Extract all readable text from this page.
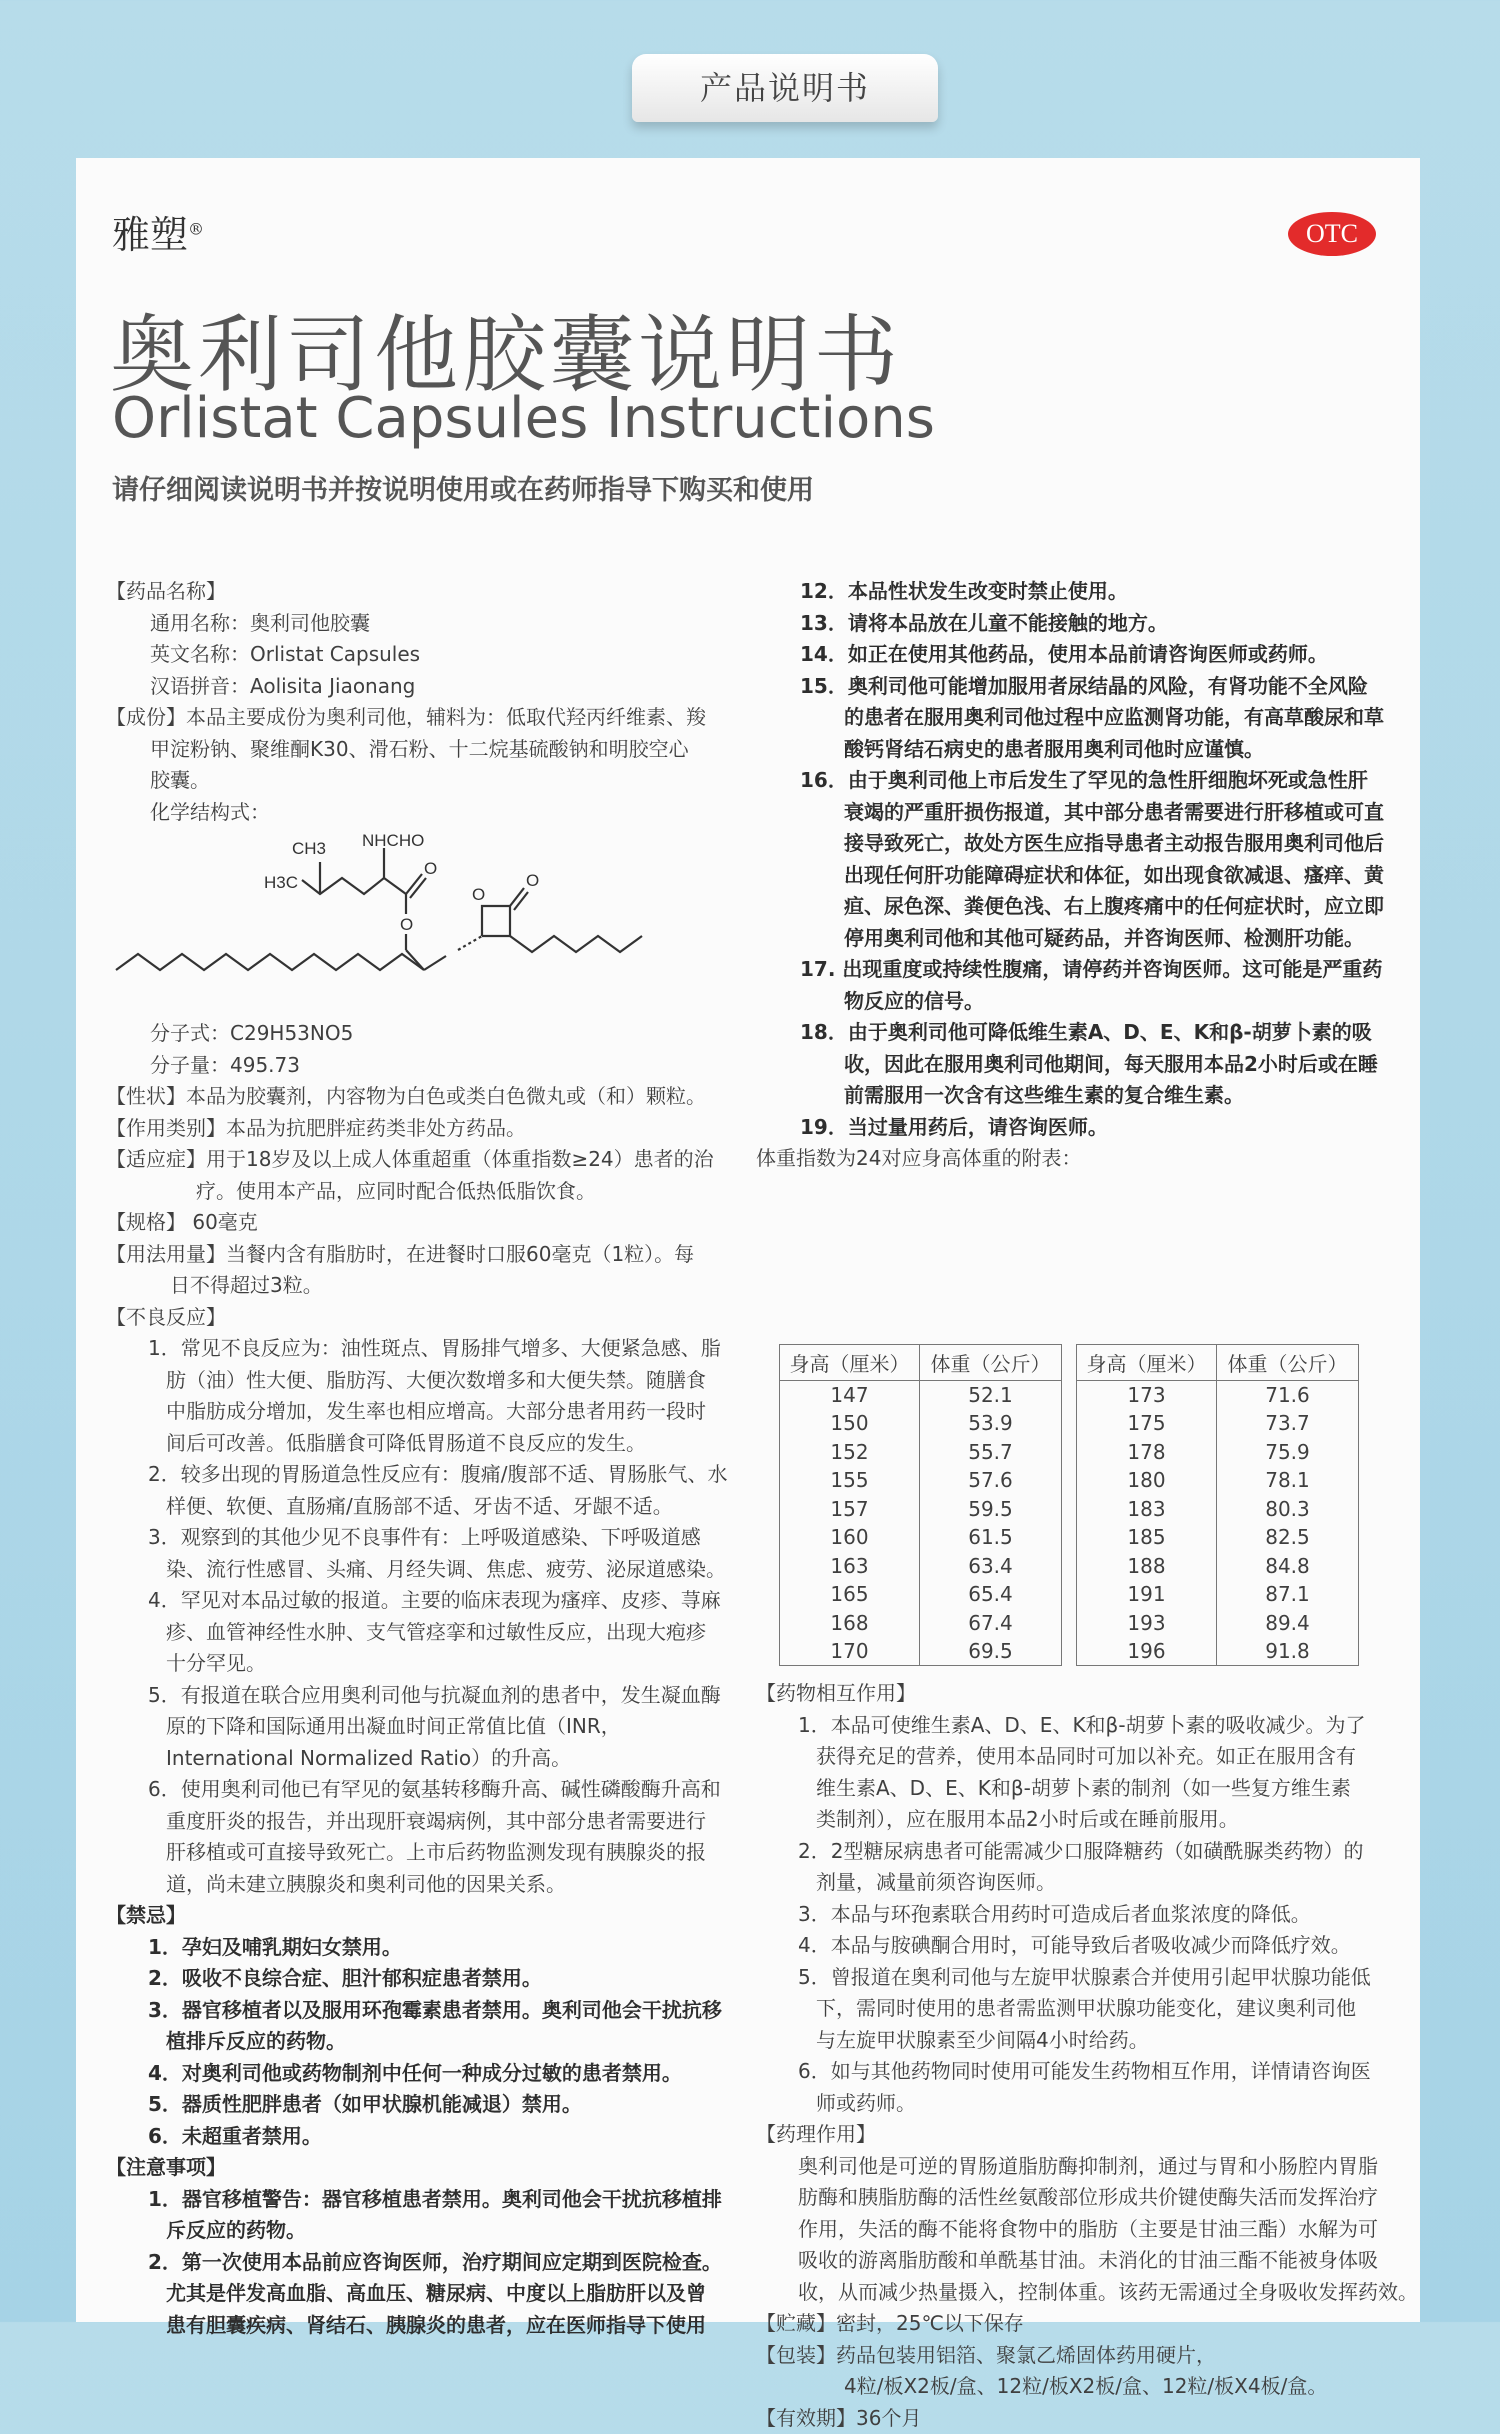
产品说明书
雅塑®	OTC
奥利司他胶囊说明书
Orlistat Capsules Instructions
请仔细阅读说明书并按说明使用或在药师指导下购买和使用
【药品名称】
通用名称：奥利司他胶囊
英文名称：Orlistat Capsules
汉语拼音：Aolisita Jiaonang
【成份】本品主要成份为奥利司他，辅料为：低取代羟丙纤维素、羧
甲淀粉钠、聚维酮K30、滑石粉、十二烷基硫酸钠和明胶空心
胶囊。
化学结构式：
CH3 NHCHO
H3C
O
O
O
O
分子式：C29H53NO5
分子量：495.73
【性状】本品为胶囊剂，内容物为白色或类白色微丸或（和）颗粒。
【作用类别】本品为抗肥胖症药类非处方药品。
【适应症】用于18岁及以上成人体重超重（体重指数≥24）患者的治
疗。使用本产品，应同时配合低热低脂饮食。
【规格】 60毫克
【用法用量】当餐内含有脂肪时，在进餐时口服60毫克（1粒）。每
日不得超过3粒。
【不良反应】
1．常见不良反应为：油性斑点、胃肠排气增多、大便紧急感、脂
肪（油）性大便、脂肪泻、大便次数增多和大便失禁。随膳食
中脂肪成分增加，发生率也相应增高。大部分患者用药一段时
间后可改善。低脂膳食可降低胃肠道不良反应的发生。
2．较多出现的胃肠道急性反应有：腹痛/腹部不适、胃肠胀气、水
样便、软便、直肠痛/直肠部不适、牙齿不适、牙龈不适。
3．观察到的其他少见不良事件有：上呼吸道感染、下呼吸道感
染、流行性感冒、头痛、月经失调、焦虑、疲劳、泌尿道感染。
4．罕见对本品过敏的报道。主要的临床表现为瘙痒、皮疹、荨麻
疹、血管神经性水肿、支气管痉挛和过敏性反应，出现大疱疹
十分罕见。
5．有报道在联合应用奥利司他与抗凝血剂的患者中，发生凝血酶
原的下降和国际通用出凝血时间正常值比值（INR，
International Normalized Ratio）的升高。
6．使用奥利司他已有罕见的氨基转移酶升高、碱性磷酸酶升高和
重度肝炎的报告，并出现肝衰竭病例，其中部分患者需要进行
肝移植或可直接导致死亡。上市后药物监测发现有胰腺炎的报
道，尚未建立胰腺炎和奥利司他的因果关系。
【禁忌】
1．孕妇及哺乳期妇女禁用。
2．吸收不良综合症、胆汁郁积症患者禁用。
3．器官移植者以及服用环孢霉素患者禁用。奥利司他会干扰抗移
植排斥反应的药物。
4．对奥利司他或药物制剂中任何一种成分过敏的患者禁用。
5．器质性肥胖患者（如甲状腺机能减退）禁用。
6．未超重者禁用。
【注意事项】
1．器官移植警告：器官移植患者禁用。奥利司他会干扰抗移植排
斥反应的药物。
2．第一次使用本品前应咨询医师，治疗期间应定期到医院检查。
尤其是伴发高血脂、高血压、糖尿病、中度以上脂肪肝以及曾
患有胆囊疾病、肾结石、胰腺炎的患者，应在医师指导下使用
12．本品性状发生改变时禁止使用。
13．请将本品放在儿童不能接触的地方。
14．如正在使用其他药品，使用本品前请咨询医师或药师。
15．奥利司他可能增加服用者尿结晶的风险，有肾功能不全风险
的患者在服用奥利司他过程中应监测肾功能，有高草酸尿和草
酸钙肾结石病史的患者服用奥利司他时应谨慎。
16．由于奥利司他上市后发生了罕见的急性肝细胞坏死或急性肝
衰竭的严重肝损伤报道，其中部分患者需要进行肝移植或可直
接导致死亡，故处方医生应指导患者主动报告服用奥利司他后
出现任何肝功能障碍症状和体征，如出现食欲减退、瘙痒、黄
疸、尿色深、粪便色浅、右上腹疼痛中的任何症状时，应立即
停用奥利司他和其他可疑药品，并咨询医师、检测肝功能。
17. 出现重度或持续性腹痛，请停药并咨询医师。这可能是严重药
物反应的信号。
18．由于奥利司他可降低维生素A、D、E、K和β-胡萝卜素的吸
收，因此在服用奥利司他期间，每天服用本品2小时后或在睡
前需服用一次含有这些维生素的复合维生素。
19．当过量用药后，请咨询医师。
体重指数为24对应身高体重的附表：
身高（厘米）	体重（公斤）
147	52.1
150	53.9
152	55.7
155	57.6
157	59.5
160	61.5
163	63.4
165	65.4
168	67.4
170	69.5
身高（厘米）	体重（公斤）
173	71.6
175	73.7
178	75.9
180	78.1
183	80.3
185	82.5
188	84.8
191	87.1
193	89.4
196	91.8
【药物相互作用】
1．本品可使维生素A、D、E、K和β-胡萝卜素的吸收减少。为了
获得充足的营养，使用本品同时可加以补充。如正在服用含有
维生素A、D、E、K和β-胡萝卜素的制剂（如一些复方维生素
类制剂），应在服用本品2小时后或在睡前服用。
2．2型糖尿病患者可能需减少口服降糖药（如磺酰脲类药物）的
剂量，减量前须咨询医师。
3．本品与环孢素联合用药时可造成后者血浆浓度的降低。
4．本品与胺碘酮合用时，可能导致后者吸收减少而降低疗效。
5．曾报道在奥利司他与左旋甲状腺素合并使用引起甲状腺功能低
下，需同时使用的患者需监测甲状腺功能变化，建议奥利司他
与左旋甲状腺素至少间隔4小时给药。
6．如与其他药物同时使用可能发生药物相互作用，详情请咨询医
师或药师。
【药理作用】
奥利司他是可逆的胃肠道脂肪酶抑制剂，通过与胃和小肠腔内胃脂
肪酶和胰脂肪酶的活性丝氨酸部位形成共价键使酶失活而发挥治疗
作用，失活的酶不能将食物中的脂肪（主要是甘油三酯）水解为可
吸收的游离脂肪酸和单酰基甘油。未消化的甘油三酯不能被身体吸
收，从而减少热量摄入，控制体重。该药无需通过全身吸收发挥药效。
【贮藏】密封，25℃以下保存
【包装】药品包装用铝箔、聚氯乙烯固体药用硬片，
4粒/板X2板/盒、12粒/板X2板/盒、12粒/板X4板/盒。
【有效期】36个月
